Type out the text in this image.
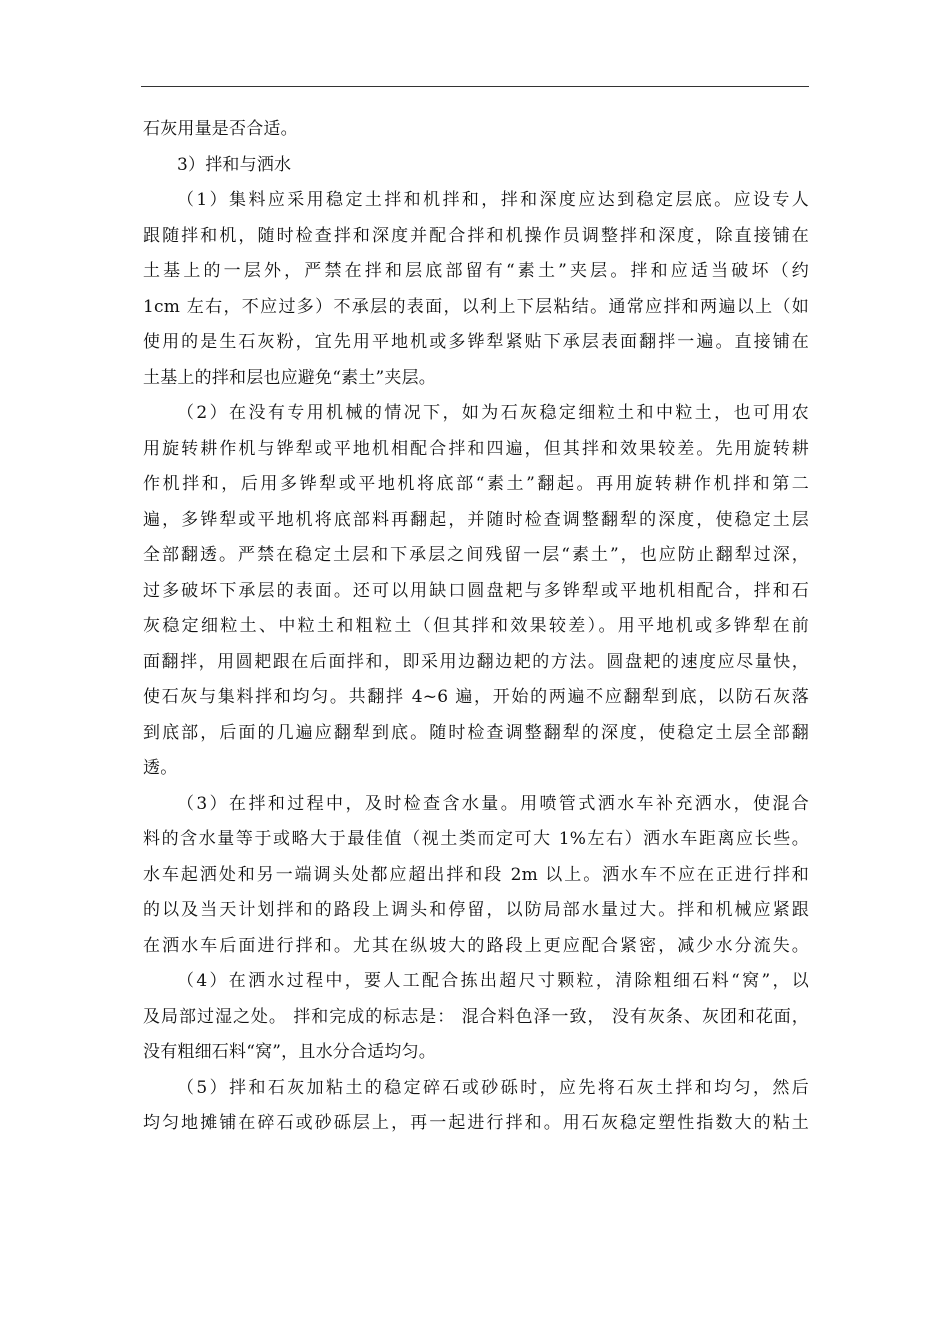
石灰用量是否合适。
3）拌和与洒水
（1）集料应采用稳定土拌和机拌和，拌和深度应达到稳定层底。应设专人
跟随拌和机，随时检查拌和深度并配合拌和机操作员调整拌和深度，除直接铺在
土基上的一层外，严禁在拌和层底部留有“素土”夹层。拌和应适当破坏（约
1cm 左右，不应过多）不承层的表面，以利上下层粘结。通常应拌和两遍以上（如
使用的是生石灰粉，宜先用平地机或多铧犁紧贴下承层表面翻拌一遍。直接铺在
土基上的拌和层也应避免“素土”夹层。
（2）在没有专用机械的情况下，如为石灰稳定细粒土和中粒土，也可用农
用旋转耕作机与铧犁或平地机相配合拌和四遍，但其拌和效果较差。先用旋转耕
作机拌和，后用多铧犁或平地机将底部“素土”翻起。再用旋转耕作机拌和第二
遍，多铧犁或平地机将底部料再翻起，并随时检查调整翻犁的深度，使稳定土层
全部翻透。严禁在稳定土层和下承层之间残留一层“素土”，也应防止翻犁过深，
过多破坏下承层的表面。还可以用缺口圆盘耙与多铧犁或平地机相配合，拌和石
灰稳定细粒土、中粒土和粗粒土（但其拌和效果较差）。用平地机或多铧犁在前
面翻拌，用圆耙跟在后面拌和，即采用边翻边耙的方法。圆盘耙的速度应尽量快，
使石灰与集料拌和均匀。共翻拌 4~6 遍，开始的两遍不应翻犁到底，以防石灰落
到底部，后面的几遍应翻犁到底。随时检查调整翻犁的深度，使稳定土层全部翻
透。
（3）在拌和过程中，及时检查含水量。用喷管式洒水车补充洒水，使混合
料的含水量等于或略大于最佳值（视土类而定可大 1%左右）洒水车距离应长些。
水车起洒处和另一端调头处都应超出拌和段 2m 以上。洒水车不应在正进行拌和
的以及当天计划拌和的路段上调头和停留，以防局部水量过大。拌和机械应紧跟
在洒水车后面进行拌和。尤其在纵坡大的路段上更应配合紧密，减少水分流失。
（4）在洒水过程中，要人工配合拣出超尺寸颗粒，清除粗细石料“窝”，以
及局部过湿之处。 拌和完成的标志是： 混合料色泽一致， 没有灰条、灰团和花面，
没有粗细石料“窝”，且水分合适均匀。
（5）拌和石灰加粘土的稳定碎石或砂砾时，应先将石灰土拌和均匀，然后
均匀地摊铺在碎石或砂砾层上，再一起进行拌和。用石灰稳定塑性指数大的粘土
